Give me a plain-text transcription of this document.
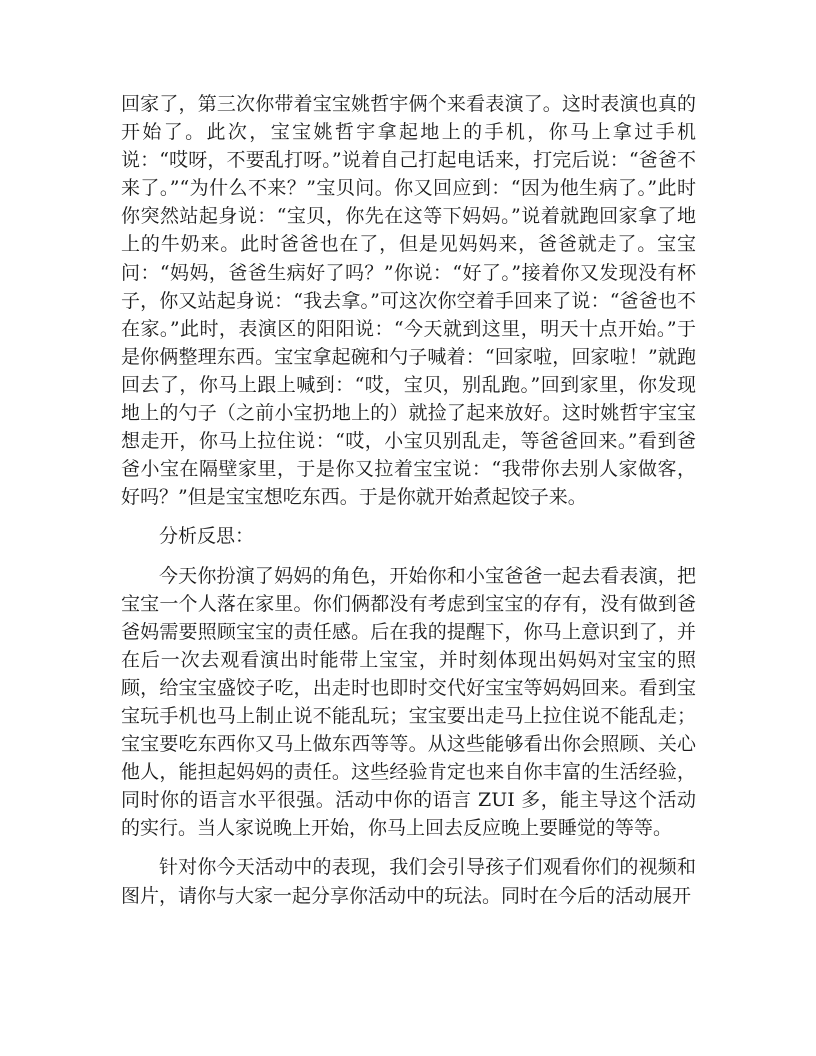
回家了，第三次你带着宝宝姚哲宇俩个来看表演了。这时表演也真的开始了。此次，宝宝姚哲宇拿起地上的手机，你马上拿过手机说：“哎呀，不要乱打呀。”说着自己打起电话来，打完后说：“爸爸不来了。”“为什么不来？”宝贝问。你又回应到：“因为他生病了。”此时你突然站起身说：“宝贝，你先在这等下妈妈。”说着就跑回家拿了地上的牛奶来。此时爸爸也在了，但是见妈妈来，爸爸就走了。宝宝问：“妈妈，爸爸生病好了吗？”你说：“好了。”接着你又发现没有杯子，你又站起身说：“我去拿。”可这次你空着手回来了说：“爸爸也不在家。”此时，表演区的阳阳说：“今天就到这里，明天十点开始。”于是你俩整理东西。宝宝拿起碗和勺子喊着：“回家啦，回家啦！”就跑回去了，你马上跟上喊到：“哎，宝贝，别乱跑。”回到家里，你发现地上的勺子（之前小宝扔地上的）就捡了起来放好。这时姚哲宇宝宝想走开，你马上拉住说：“哎，小宝贝别乱走，等爸爸回来。”看到爸爸小宝在隔壁家里，于是你又拉着宝宝说：“我带你去别人家做客，好吗？”但是宝宝想吃东西。于是你就开始煮起饺子来。

分析反思：

今天你扮演了妈妈的角色，开始你和小宝爸爸一起去看表演，把宝宝一个人落在家里。你们俩都没有考虑到宝宝的存有，没有做到爸爸妈需要照顾宝宝的责任感。后在我的提醒下，你马上意识到了，并在后一次去观看演出时能带上宝宝，并时刻体现出妈妈对宝宝的照顾，给宝宝盛饺子吃，出走时也即时交代好宝宝等妈妈回来。看到宝宝玩手机也马上制止说不能乱玩；宝宝要出走马上拉住说不能乱走；宝宝要吃东西你又马上做东西等等。从这些能够看出你会照顾、关心他人，能担起妈妈的责任。这些经验肯定也来自你丰富的生活经验，同时你的语言水平很强。活动中你的语言 ZUI 多，能主导这个活动的实行。当人家说晚上开始，你马上回去反应晚上要睡觉的等等。

针对你今天活动中的表现，我们会引导孩子们观看你们的视频和图片，请你与大家一起分享你活动中的玩法。同时在今后的活动展开
